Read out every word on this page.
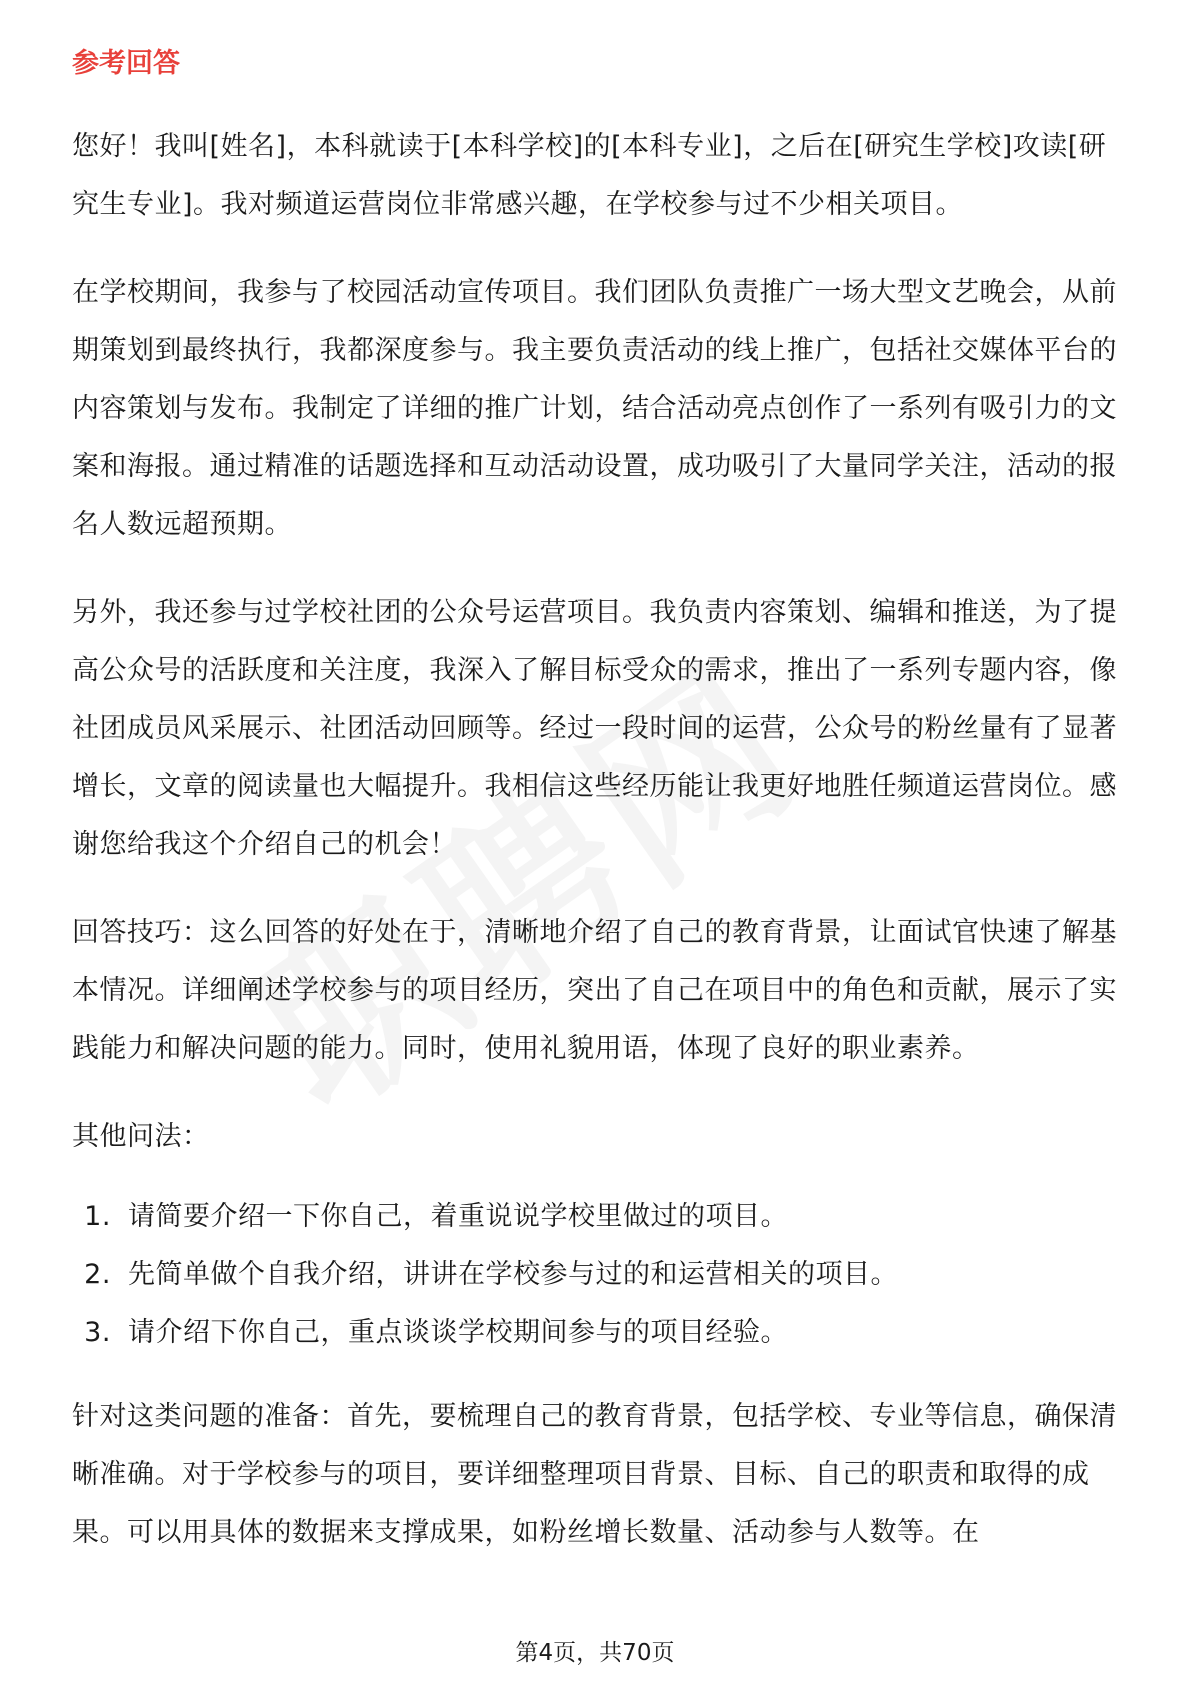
参考回答

您好！我叫[姓名]，本科就读于[本科学校]的[本科专业]，之后在[研究生学校]攻读[研究生专业]。我对频道运营岗位非常感兴趣，在学校参与过不少相关项目。

在学校期间，我参与了校园活动宣传项目。我们团队负责推广一场大型文艺晚会，从前期策划到最终执行，我都深度参与。我主要负责活动的线上推广，包括社交媒体平台的内容策划与发布。我制定了详细的推广计划，结合活动亮点创作了一系列有吸引力的文案和海报。通过精准的话题选择和互动活动设置，成功吸引了大量同学关注，活动的报名人数远超预期。

另外，我还参与过学校社团的公众号运营项目。我负责内容策划、编辑和推送，为了提高公众号的活跃度和关注度，我深入了解目标受众的需求，推出了一系列专题内容，像社团成员风采展示、社团活动回顾等。经过一段时间的运营，公众号的粉丝量有了显著增长，文章的阅读量也大幅提升。我相信这些经历能让我更好地胜任频道运营岗位。感谢您给我这个介绍自己的机会！

回答技巧：这么回答的好处在于，清晰地介绍了自己的教育背景，让面试官快速了解基本情况。详细阐述学校参与的项目经历，突出了自己在项目中的角色和贡献，展示了实践能力和解决问题的能力。同时，使用礼貌用语，体现了良好的职业素养。

其他问法：

1. 请简要介绍一下你自己，着重说说学校里做过的项目。
2. 先简单做个自我介绍，讲讲在学校参与过的和运营相关的项目。
3. 请介绍下你自己，重点谈谈学校期间参与的项目经验。

针对这类问题的准备：首先，要梳理自己的教育背景，包括学校、专业等信息，确保清晰准确。对于学校参与的项目，要详细整理项目背景、目标、自己的职责和取得的成果。可以用具体的数据来支撑成果，如粉丝增长数量、活动参与人数等。在

第4页，共70页
